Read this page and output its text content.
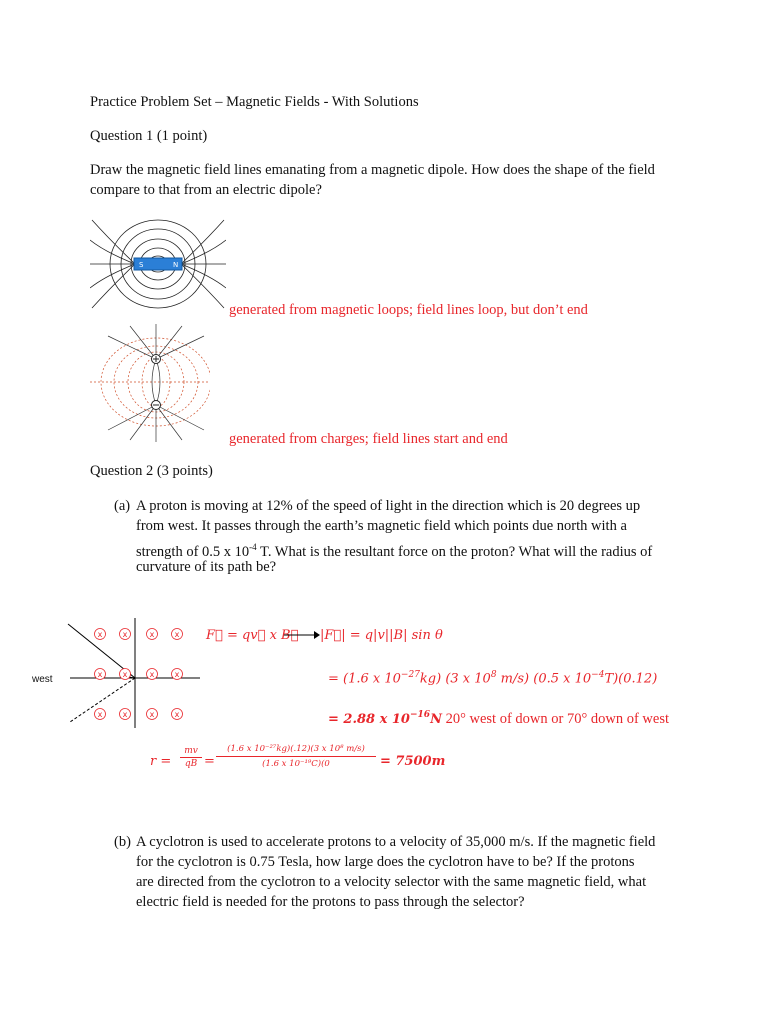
Practice Problem Set – Magnetic Fields - With Solutions
Question 1 (1 point)
Draw the magnetic field lines emanating from a magnetic dipole. How does the shape of the field
compare to that from an electric dipole?
S	N
generated from magnetic loops; field lines loop, but don’t end
generated from charges; field lines start and end
Question 2 (3 points)
(a) A proton is moving at 12% of the speed of light in the direction which is 20 degrees up
from west. It passes through the earth’s magnetic field which points due north with a
strength of 0.5 x $10^{-4}$ T. What is the resultant force on the proton? What will the radius of
curvature of its path be?
x	x	x	x
x	x	x	x
x	x	x	x
west
F⃗ = qv⃗ x B⃗ |F⃗| = q|v||B| sin θ
= (1.6 x $10^{-27}kg$) (3 x $10^8$ m/s) (0.5 x $10^{-4}T)(0.12)$
= 2.88 x $10^{-16}N$ 20° west of down or 70° down of west
r =
mv
qB =
(1.6 x 10⁻²⁷kg)(.12)(3 x 10⁸ m/s)
(1.6 x 10⁻¹⁹C)(0	= 7500m
(b) A cyclotron is used to accelerate protons to a velocity of 35,000 m/s. If the magnetic field
for the cyclotron is 0.75 Tesla, how large does the cyclotron have to be? If the protons
are directed from the cyclotron to a velocity selector with the same magnetic field, what
electric field is needed for the protons to pass through the selector?
